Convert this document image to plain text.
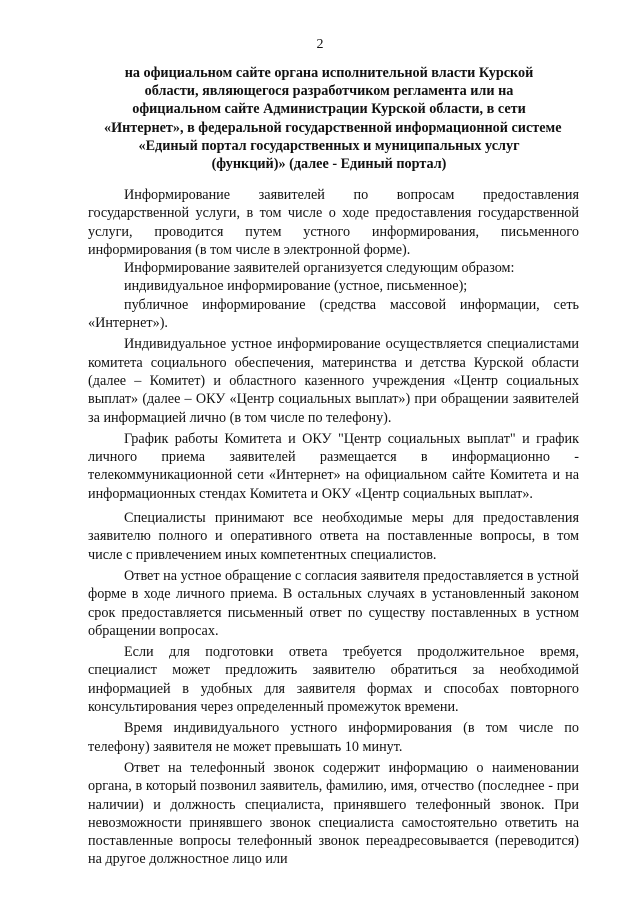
2
на официальном сайте органа исполнительной власти Курской
области, являющегося разработчиком регламента или на
официальном сайте Администрации Курской области, в сети
«Интернет», в федеральной государственной информационной системе
«Единый портал государственных и муниципальных услуг
(функций)» (далее - Единый портал)

Информирование заявителей по вопросам предоставления государственной услуги, в том числе о ходе предоставления государственной услуги, проводится путем устного информирования, письменного информирования (в том числе в электронной форме).

Информирование заявителей организуется следующим образом:

индивидуальное информирование (устное, письменное);

публичное информирование (средства массовой информации, сеть «Интернет»).

Индивидуальное устное информирование осуществляется специалистами комитета социального обеспечения, материнства и детства Курской области (далее – Комитет) и областного казенного учреждения «Центр социальных выплат» (далее – ОКУ «Центр социальных выплат») при обращении заявителей за информацией лично (в том числе по телефону).

График работы Комитета и ОКУ "Центр социальных выплат" и график личного приема заявителей размещается в информационно - телекоммуникационной сети «Интернет» на официальном сайте Комитета и на информационных стендах Комитета и ОКУ «Центр социальных выплат».

Специалисты принимают все необходимые меры для предоставления заявителю полного и оперативного ответа на поставленные вопросы, в том числе с привлечением иных компетентных специалистов.

Ответ на устное обращение с согласия заявителя предоставляется в устной форме в ходе личного приема. В остальных случаях в установленный законом срок предоставляется письменный ответ по существу поставленных в устном обращении вопросах.

Если для подготовки ответа требуется продолжительное время, специалист может предложить заявителю обратиться за необходимой информацией в удобных для заявителя формах и способах повторного консультирования через определенный промежуток времени.

Время индивидуального устного информирования (в том числе по телефону) заявителя не может превышать 10 минут.

Ответ на телефонный звонок содержит информацию о наименовании органа, в который позвонил заявитель, фамилию, имя, отчество (последнее - при наличии) и должность специалиста, принявшего телефонный звонок. При невозможности принявшего звонок специалиста самостоятельно ответить на поставленные вопросы телефонный звонок переадресовывается (переводится) на другое должностное лицо или
